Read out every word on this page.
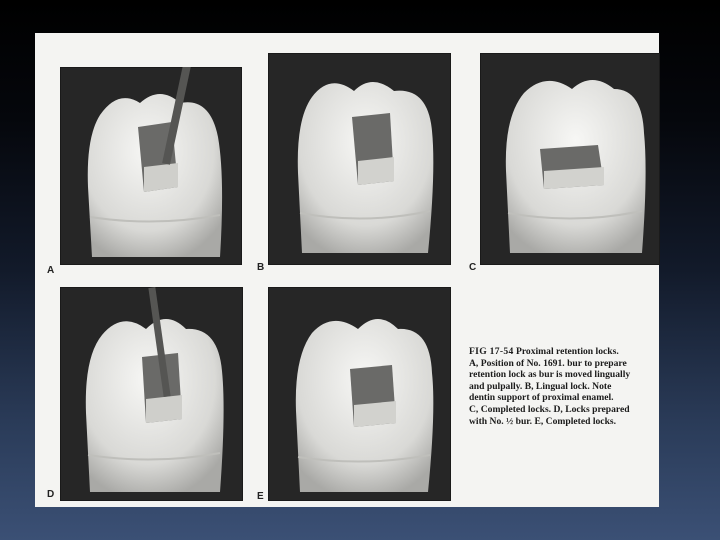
A	B	C
D	E
FIG 17-54 Proximal retention locks.
A, Position of No. 1691. bur to prepare
retention lock as bur is moved lingually
and pulpally. B, Lingual lock. Note
dentin support of proximal enamel.
C, Completed locks. D, Locks prepared
with No. ½ bur. E, Completed locks.
